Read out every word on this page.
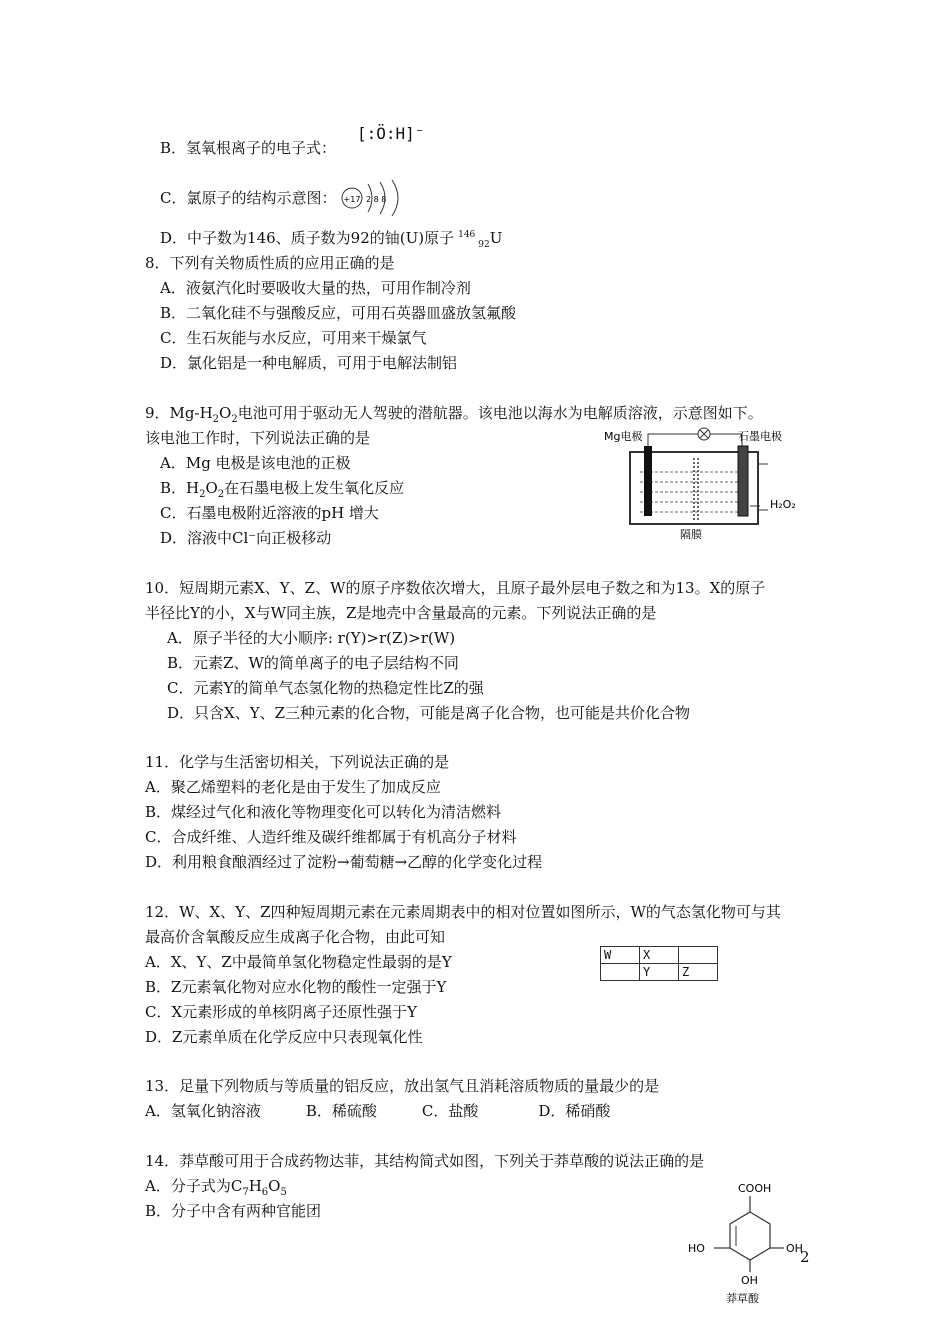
B．氢氧根离子的电子式：
[:Ö:H]⁻
C．氯原子的结构示意图： +17 2 8 8
D．中子数为146、质子数为92的铀(U)原子 $^{146}_{92}$U
8．下列有关物质性质的应用正确的是
A．液氨汽化时要吸收大量的热，可用作制冷剂
B．二氧化硅不与强酸反应，可用石英器皿盛放氢氟酸
C．生石灰能与水反应，可用来干燥氯气
D．氯化铝是一种电解质，可用于电解法制铝
9．$Mg-H_2O_2$电池可用于驱动无人驾驶的潜航器。该电池以海水为电解质溶液，示意图如下。
该电池工作时，下列说法正确的是
A．Mg 电极是该电池的正极
B．$H_2O_2$在石墨电极上发生氧化反应
C．石墨电极附近溶液的pH 增大
D．溶液中Cl⁻向正极移动
Mg电极	石墨电极
H₂O₂
隔膜
10．短周期元素X、Y、Z、W的原子序数依次增大，且原子最外层电子数之和为13。X的原子
半径比Y的小，X与W同主族，Z是地壳中含量最高的元素。下列说法正确的是
A．原子半径的大小顺序: r(Y)>r(Z)>r(W)
B．元素Z、W的简单离子的电子层结构不同
C．元素Y的简单气态氢化物的热稳定性比Z的强
D．只含X、Y、Z三种元素的化合物，可能是离子化合物，也可能是共价化合物
11．化学与生活密切相关，下列说法正确的是
A．聚乙烯塑料的老化是由于发生了加成反应
B．煤经过气化和液化等物理变化可以转化为清洁燃料
C．合成纤维、人造纤维及碳纤维都属于有机高分子材料
D．利用粮食酿酒经过了淀粉→葡萄糖→乙醇的化学变化过程
12．W、X、Y、Z四种短周期元素在元素周期表中的相对位置如图所示，W的气态氢化物可与其
最高价含氧酸反应生成离子化合物，由此可知
A．X、Y、Z中最简单氢化物稳定性最弱的是Y
B．Z元素氧化物对应水化物的酸性一定强于Y
C．X元素形成的单核阴离子还原性强于Y
D．Z元素单质在化学反应中只表现氧化性
W	X	
	Y	Z
13．足量下列物质与等质量的铝反应，放出氢气且消耗溶质物质的量最少的是
A．氢氧化钠溶液　　　B．稀硫酸　　　C．盐酸　　　　D．稀硝酸
14．莽草酸可用于合成药物达菲，其结构简式如图，下列关于莽草酸的说法正确的是
A．分子式为$C_7H_6O_5$
B．分子中含有两种官能团
COOH
HO	OH
OH
莽草酸
2
